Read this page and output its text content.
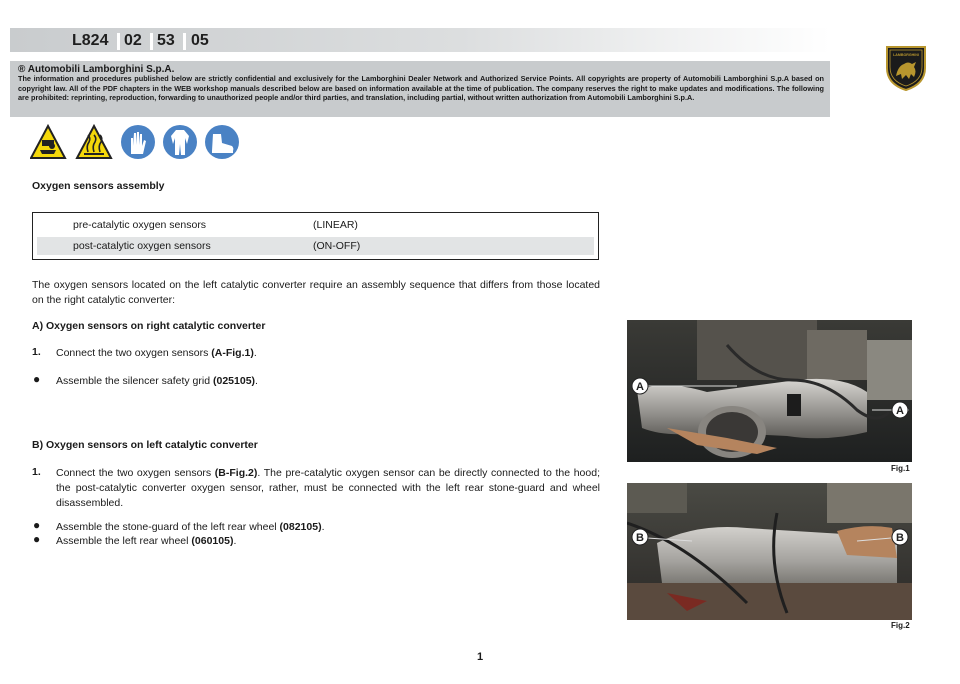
L824 02 53 05
® Automobili Lamborghini S.p.A.
The information and procedures published below are strictly confidential and exclusively for the Lamborghini Dealer Network and Authorized Service Points. All copyrights are property of Automobili Lamborghini S.p.A based on copyright law. All of the PDF chapters in the WEB workshop manuals described below are based on information available at the time of publication. The company reserves the right to make updates and modifications. The following are prohibited: reprinting, reproduction, forwarding to unauthorized people and/or third parties, and translation, including partial, without written authorization from Automobili Lamborghini S.p.A.
LAMBORGHINI
Oxygen sensors assembly
pre-catalytic oxygen sensors	(LINEAR)
post-catalytic oxygen sensors	(ON-OFF)
The oxygen sensors located on the left catalytic converter require an assembly sequence that differs from those located on the right catalytic converter:
A) Oxygen sensors on right catalytic converter
1. Connect the two oxygen sensors (A-Fig.1).
● Assemble the silencer safety grid (025105).
B) Oxygen sensors on left catalytic converter
1. Connect the two oxygen sensors (B-Fig.2). The pre-catalytic oxygen sensor can be directly connected to the hood; the post-catalytic converter oxygen sensor, rather, must be connected with the left rear stone-guard and wheel disassembled.
● Assemble the stone-guard of the left rear wheel (082105).
● Assemble the left rear wheel (060105).
A
A
Fig.1
B	B
Fig.2
1
